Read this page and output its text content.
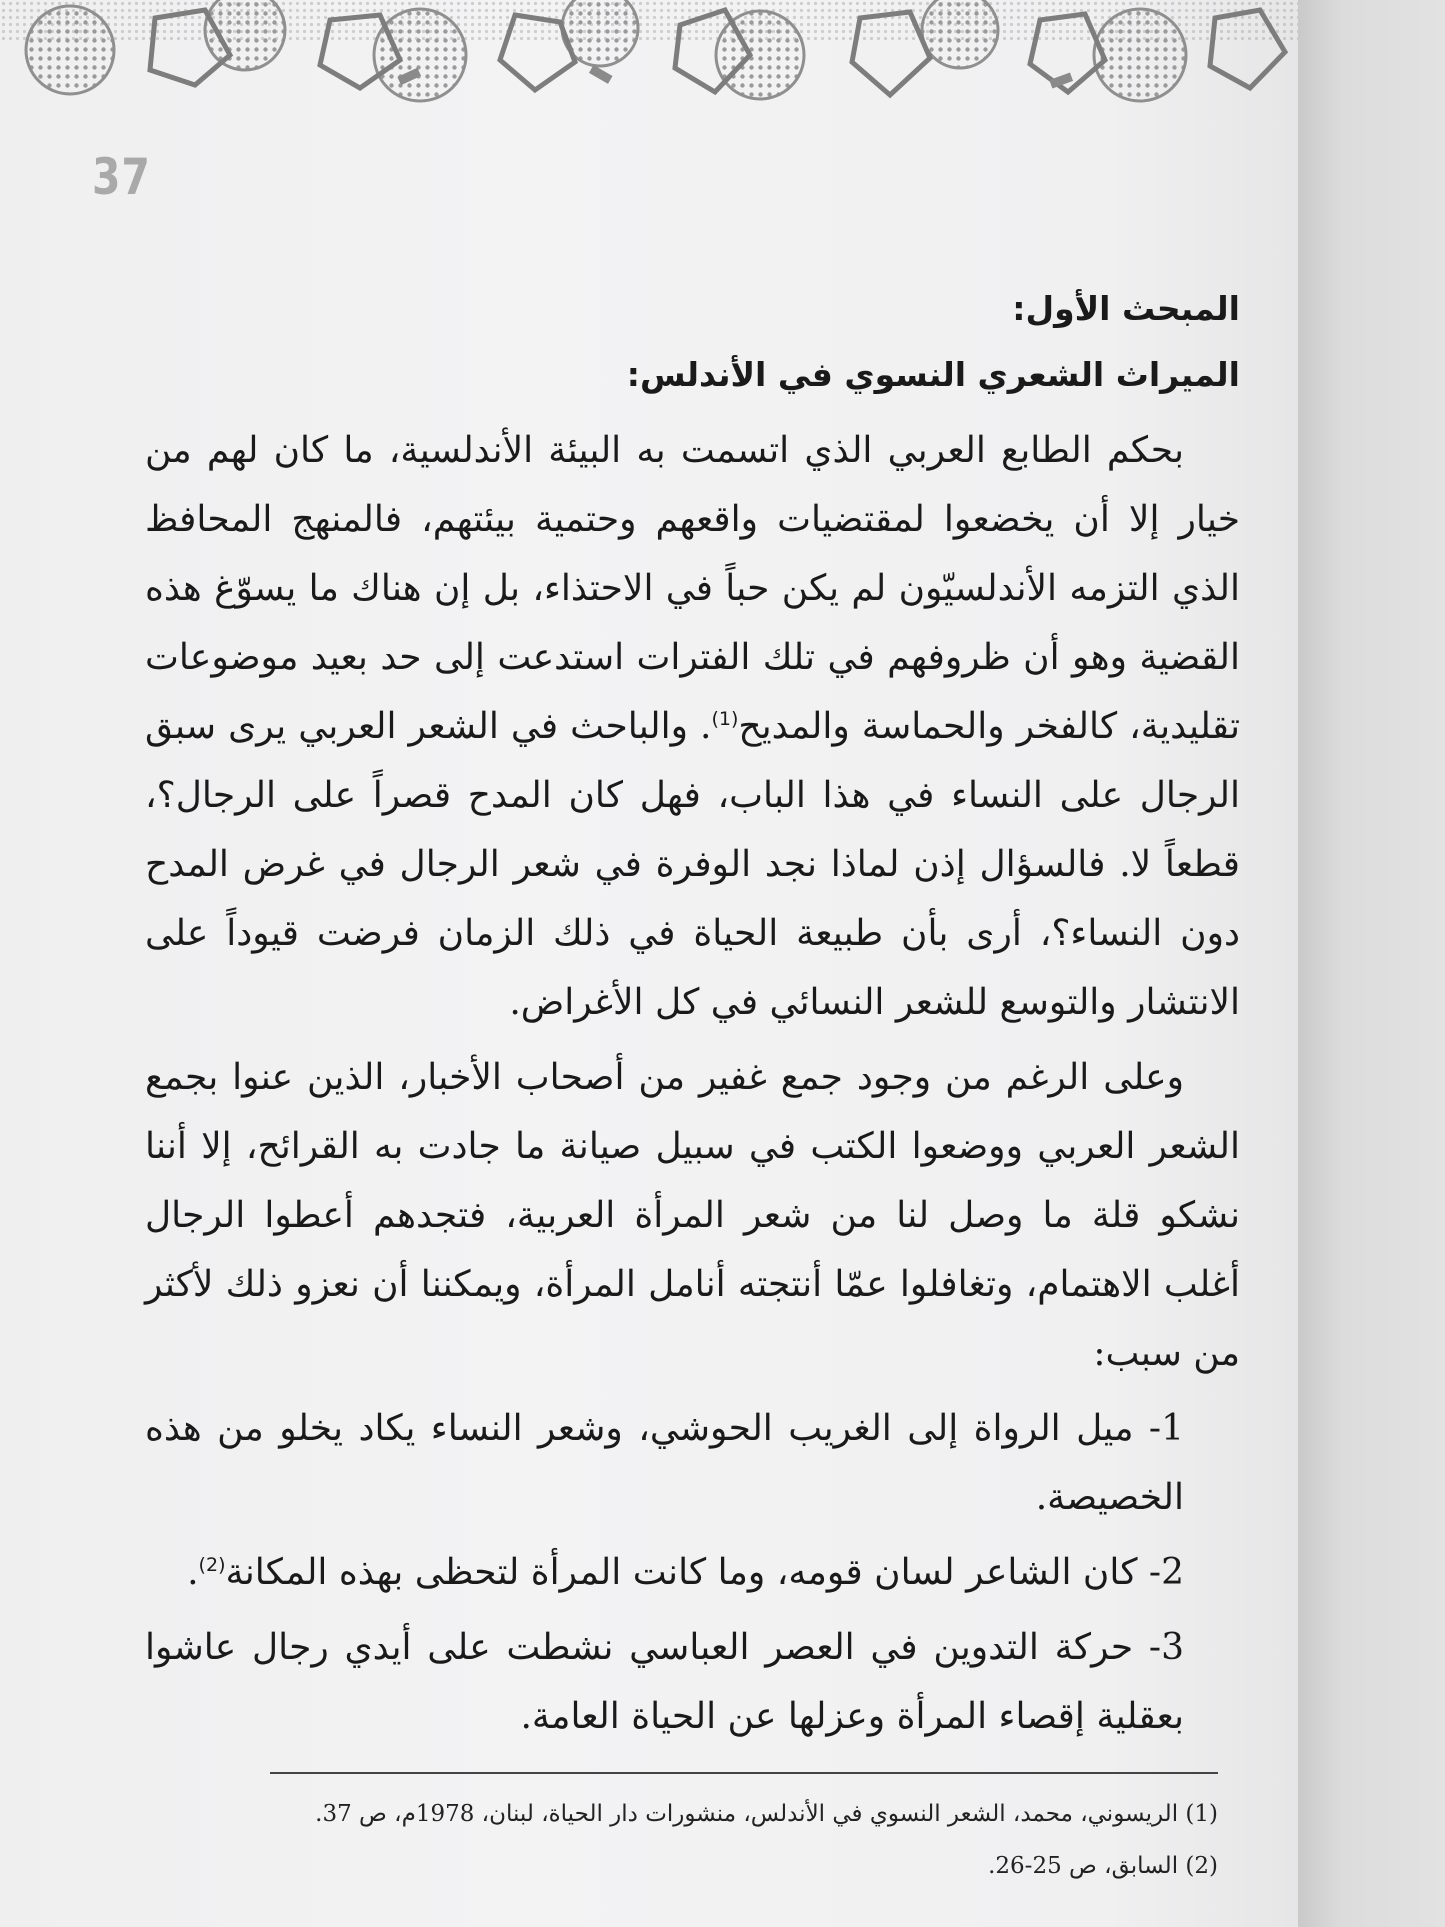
37
المبحث الأول:
الميراث الشعري النسوي في الأندلس:

بحكم الطابع العربي الذي اتسمت به البيئة الأندلسية، ما كان لهم من خيار إلا أن يخضعوا لمقتضيات واقعهم وحتمية بيئتهم، فالمنهج المحافظ الذي التزمه الأندلسيّون لم يكن حباً في الاحتذاء، بل إن هناك ما يسوّغ هذه القضية وهو أن ظروفهم في تلك الفترات استدعت إلى حد بعيد موضوعات تقليدية، كالفخر والحماسة والمديح$^{(1)}$. والباحث في الشعر العربي يرى سبق الرجال على النساء في هذا الباب، فهل كان المدح قصراً على الرجال؟، قطعاً لا. فالسؤال إذن لماذا نجد الوفرة في شعر الرجال في غرض المدح دون النساء؟، أرى بأن طبيعة الحياة في ذلك الزمان فرضت قيوداً على الانتشار والتوسع للشعر النسائي في كل الأغراض.

وعلى الرغم من وجود جمع غفير من أصحاب الأخبار، الذين عنوا بجمع الشعر العربي ووضعوا الكتب في سبيل صيانة ما جادت به القرائح، إلا أننا نشكو قلة ما وصل لنا من شعر المرأة العربية، فتجدهم أعطوا الرجال أغلب الاهتمام، وتغافلوا عمّا أنتجته أنامل المرأة، ويمكننا أن نعزو ذلك لأكثر من سبب:

1- ميل الرواة إلى الغريب الحوشي، وشعر النساء يكاد يخلو من هذه الخصيصة.

2- كان الشاعر لسان قومه، وما كانت المرأة لتحظى بهذه المكانة$^{(2)}$.

3- حركة التدوين في العصر العباسي نشطت على أيدي رجال عاشوا بعقلية إقصاء المرأة وعزلها عن الحياة العامة.

(1) الريسوني، محمد، الشعر النسوي في الأندلس، منشورات دار الحياة، لبنان، 1978م، ص 37.

(2) السابق، ص 25-26.
